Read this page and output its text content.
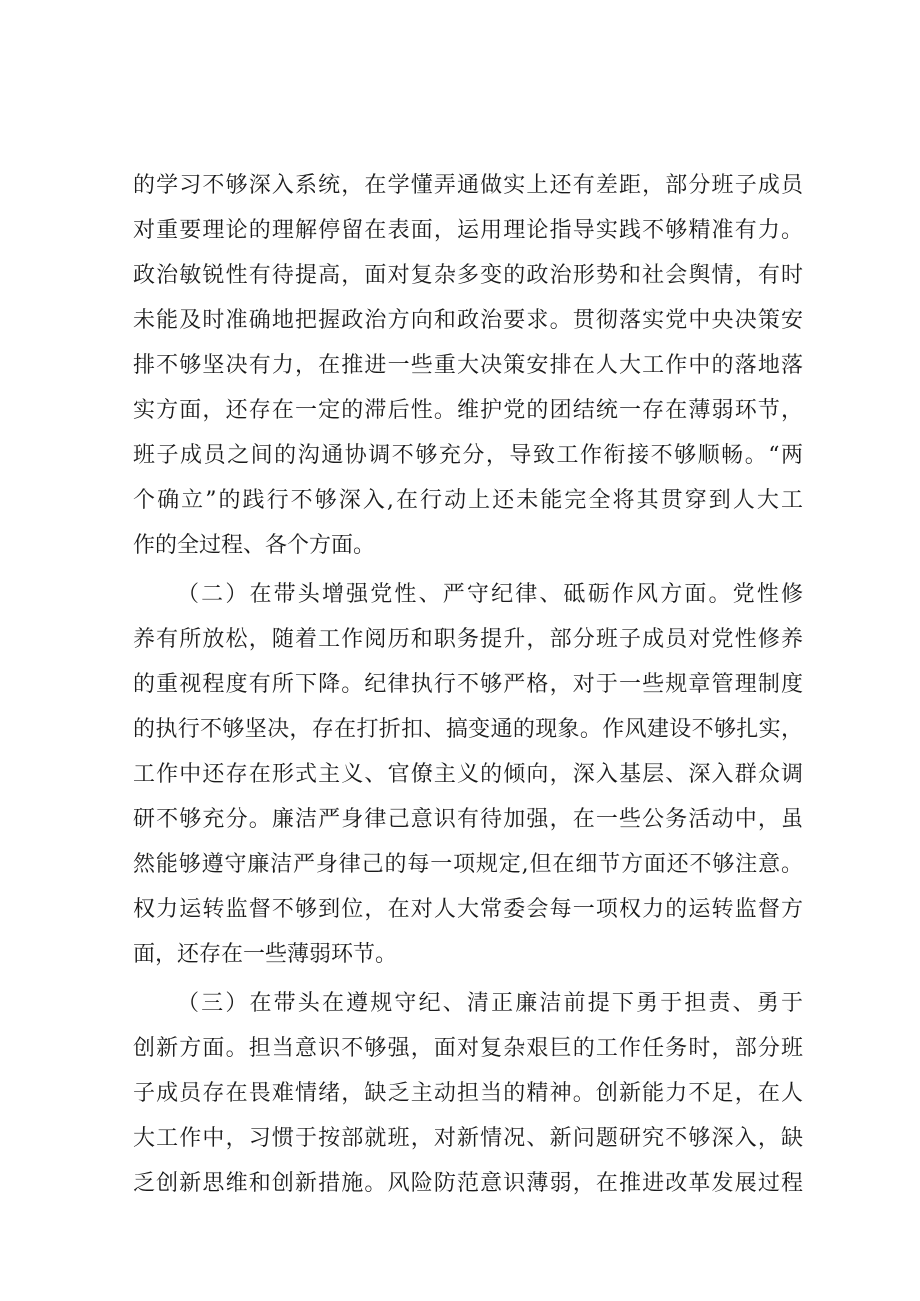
的学习不够深入系统，在学懂弄通做实上还有差距，部分班子成员
对重要理论的理解停留在表面，运用理论指导实践不够精准有力。
政治敏锐性有待提高，面对复杂多变的政治形势和社会舆情，有时
未能及时准确地把握政治方向和政治要求。贯彻落实党中央决策安
排不够坚决有力，在推进一些重大决策安排在人大工作中的落地落
实方面，还存在一定的滞后性。维护党的团结统一存在薄弱环节，
班子成员之间的沟通协调不够充分，导致工作衔接不够顺畅。“两
个确立”的践行不够深入,在行动上还未能完全将其贯穿到人大工
作的全过程、各个方面。
（二）在带头增强党性、严守纪律、砥砺作风方面。党性修
养有所放松，随着工作阅历和职务提升，部分班子成员对党性修养
的重视程度有所下降。纪律执行不够严格，对于一些规章管理制度
的执行不够坚决，存在打折扣、搞变通的现象。作风建设不够扎实，
工作中还存在形式主义、官僚主义的倾向，深入基层、深入群众调
研不够充分。廉洁严身律己意识有待加强，在一些公务活动中，虽
然能够遵守廉洁严身律己的每一项规定,但在细节方面还不够注意。
权力运转监督不够到位，在对人大常委会每一项权力的运转监督方
面，还存在一些薄弱环节。
（三）在带头在遵规守纪、清正廉洁前提下勇于担责、勇于
创新方面。担当意识不够强，面对复杂艰巨的工作任务时，部分班
子成员存在畏难情绪，缺乏主动担当的精神。创新能力不足，在人
大工作中，习惯于按部就班，对新情况、新问题研究不够深入，缺
乏创新思维和创新措施。风险防范意识薄弱，在推进改革发展过程
